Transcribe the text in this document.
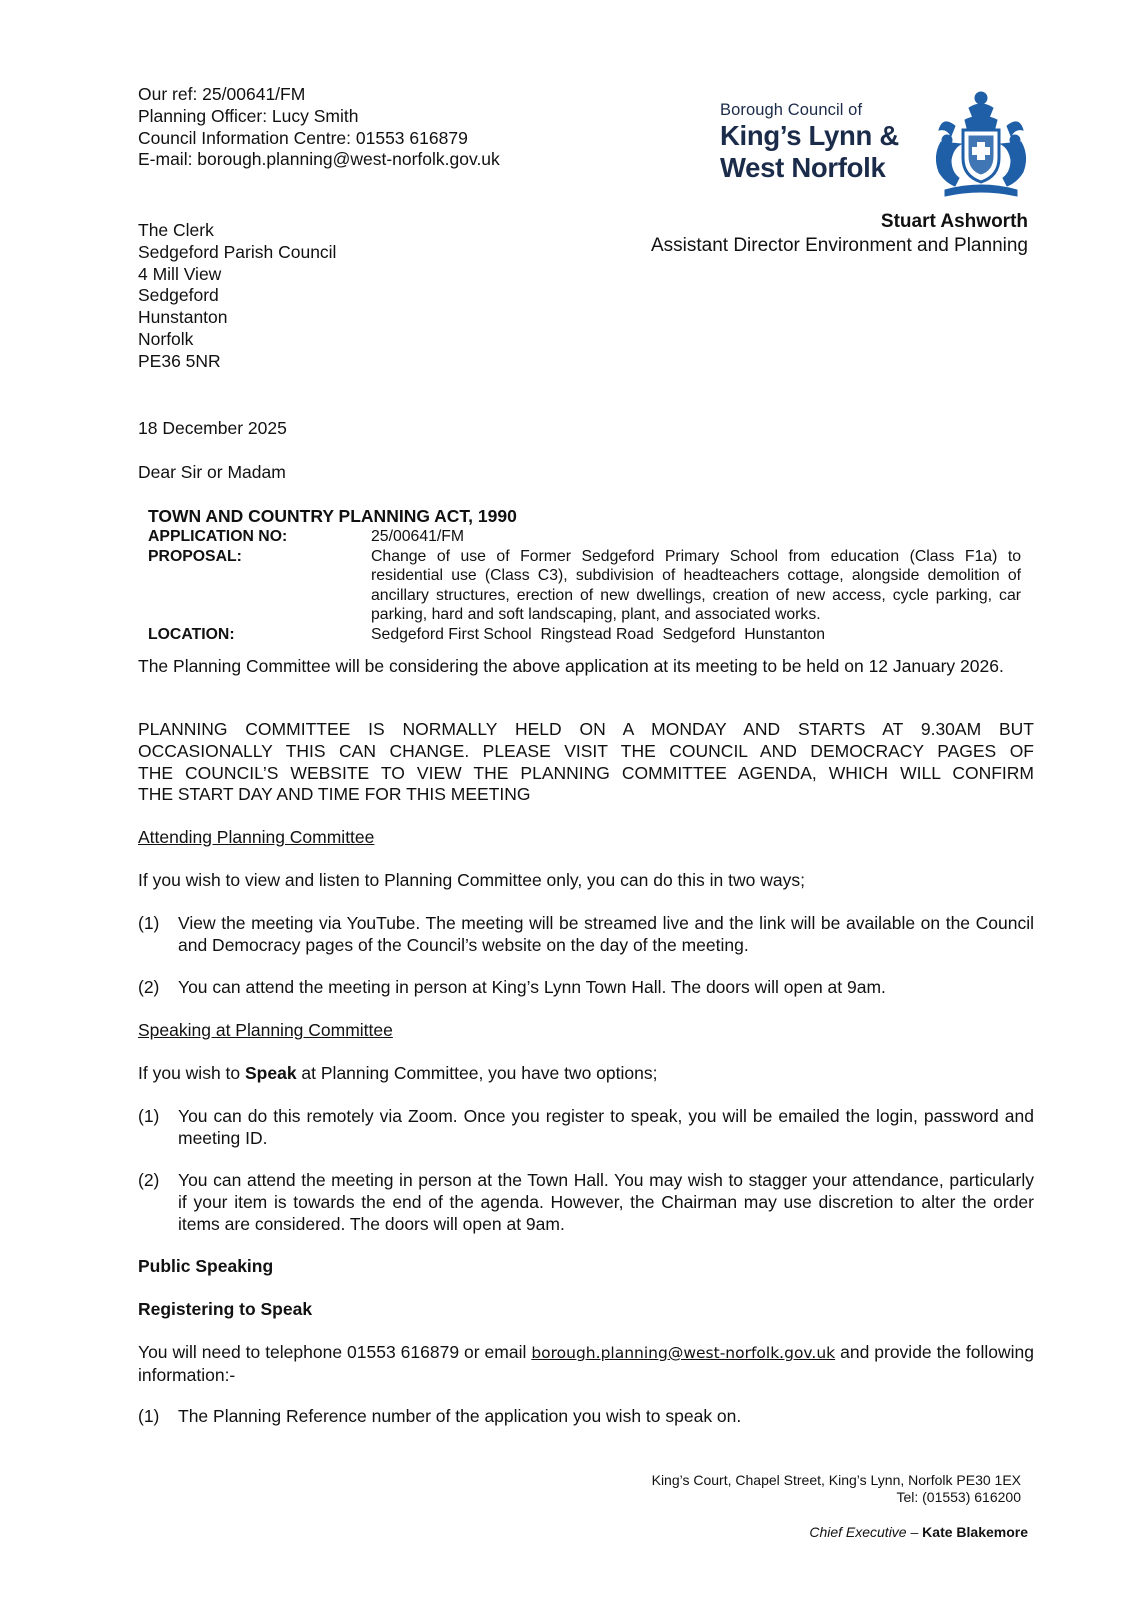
Our ref: 25/00641/FM
Planning Officer: Lucy Smith
Council Information Centre: 01553 616879
E-mail: borough.planning@west-norfolk.gov.uk
Borough Council of
King’s Lynn &
West Norfolk
Stuart Ashworth
Assistant Director Environment and Planning
The Clerk
Sedgeford Parish Council
4 Mill View
Sedgeford
Hunstanton
Norfolk
PE36 5NR
18 December 2025
Dear Sir or Madam
TOWN AND COUNTRY PLANNING ACT, 1990
APPLICATION NO:	25/00641/FM
PROPOSAL:	Change of use of Former Sedgeford Primary School from education (Class F1a) to residential use (Class C3), subdivision of headteachers cottage, alongside demolition of ancillary structures, erection of new dwellings, creation of new access, cycle parking, car parking, hard and soft landscaping, plant, and associated works.
LOCATION:	Sedgeford First School  Ringstead Road  Sedgeford  Hunstanton
The Planning Committee will be considering the above application at its meeting to be held on 12 January 2026.
PLANNING COMMITTEE IS NORMALLY HELD ON A MONDAY AND STARTS AT 9.30AM BUT
OCCASIONALLY THIS CAN CHANGE. PLEASE VISIT THE COUNCIL AND DEMOCRACY PAGES OF
THE COUNCIL’S WEBSITE TO VIEW THE PLANNING COMMITTEE AGENDA, WHICH WILL CONFIRM
THE START DAY AND TIME FOR THIS MEETING
Attending Planning Committee
If you wish to view and listen to Planning Committee only, you can do this in two ways;
(1)	View the meeting via YouTube. The meeting will be streamed live and the link will be available on the Council and Democracy pages of the Council’s website on the day of the meeting.
(2)	You can attend the meeting in person at King’s Lynn Town Hall. The doors will open at 9am.
Speaking at Planning Committee
If you wish to Speak at Planning Committee, you have two options;
(1)	You can do this remotely via Zoom. Once you register to speak, you will be emailed the login, password and meeting ID.
(2)	You can attend the meeting in person at the Town Hall. You may wish to stagger your attendance, particularly if your item is towards the end of the agenda. However, the Chairman may use discretion to alter the order items are considered. The doors will open at 9am.
Public Speaking
Registering to Speak
You will need to telephone 01553 616879 or email borough.planning@west-norfolk.gov.uk and provide the following information:-
(1)	The Planning Reference number of the application you wish to speak on.
King’s Court, Chapel Street, King’s Lynn, Norfolk PE30 1EX
Tel: (01553) 616200
Chief Executive – Kate Blakemore
